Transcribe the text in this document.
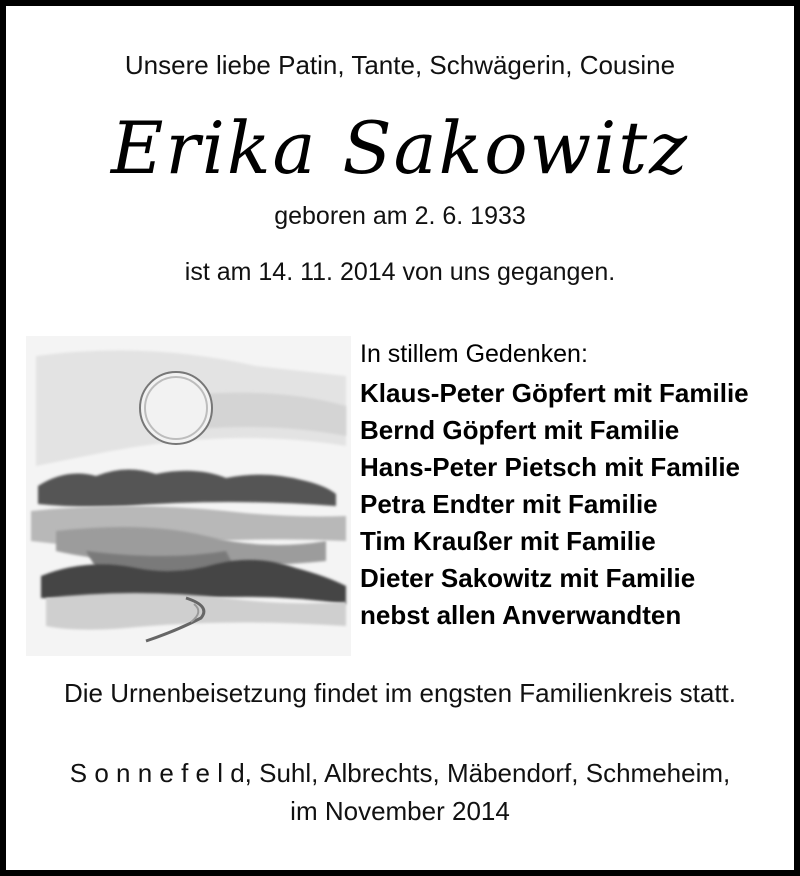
Unsere liebe Patin, Tante, Schwägerin, Cousine
Erika Sakowitz
geboren am 2. 6. 1933
ist am 14. 11. 2014 von uns gegangen.
In stillem Gedenken:
Klaus-Peter Göpfert mit Familie
Bernd Göpfert mit Familie
Hans-Peter Pietsch mit Familie
Petra Endter mit Familie
Tim Kraußer mit Familie
Dieter Sakowitz mit Familie
nebst allen Anverwandten
Die Urnenbeisetzung findet im engsten Familienkreis statt.
S o n n e f e l d, Suhl, Albrechts, Mäbendorf, Schmeheim,
im November 2014
